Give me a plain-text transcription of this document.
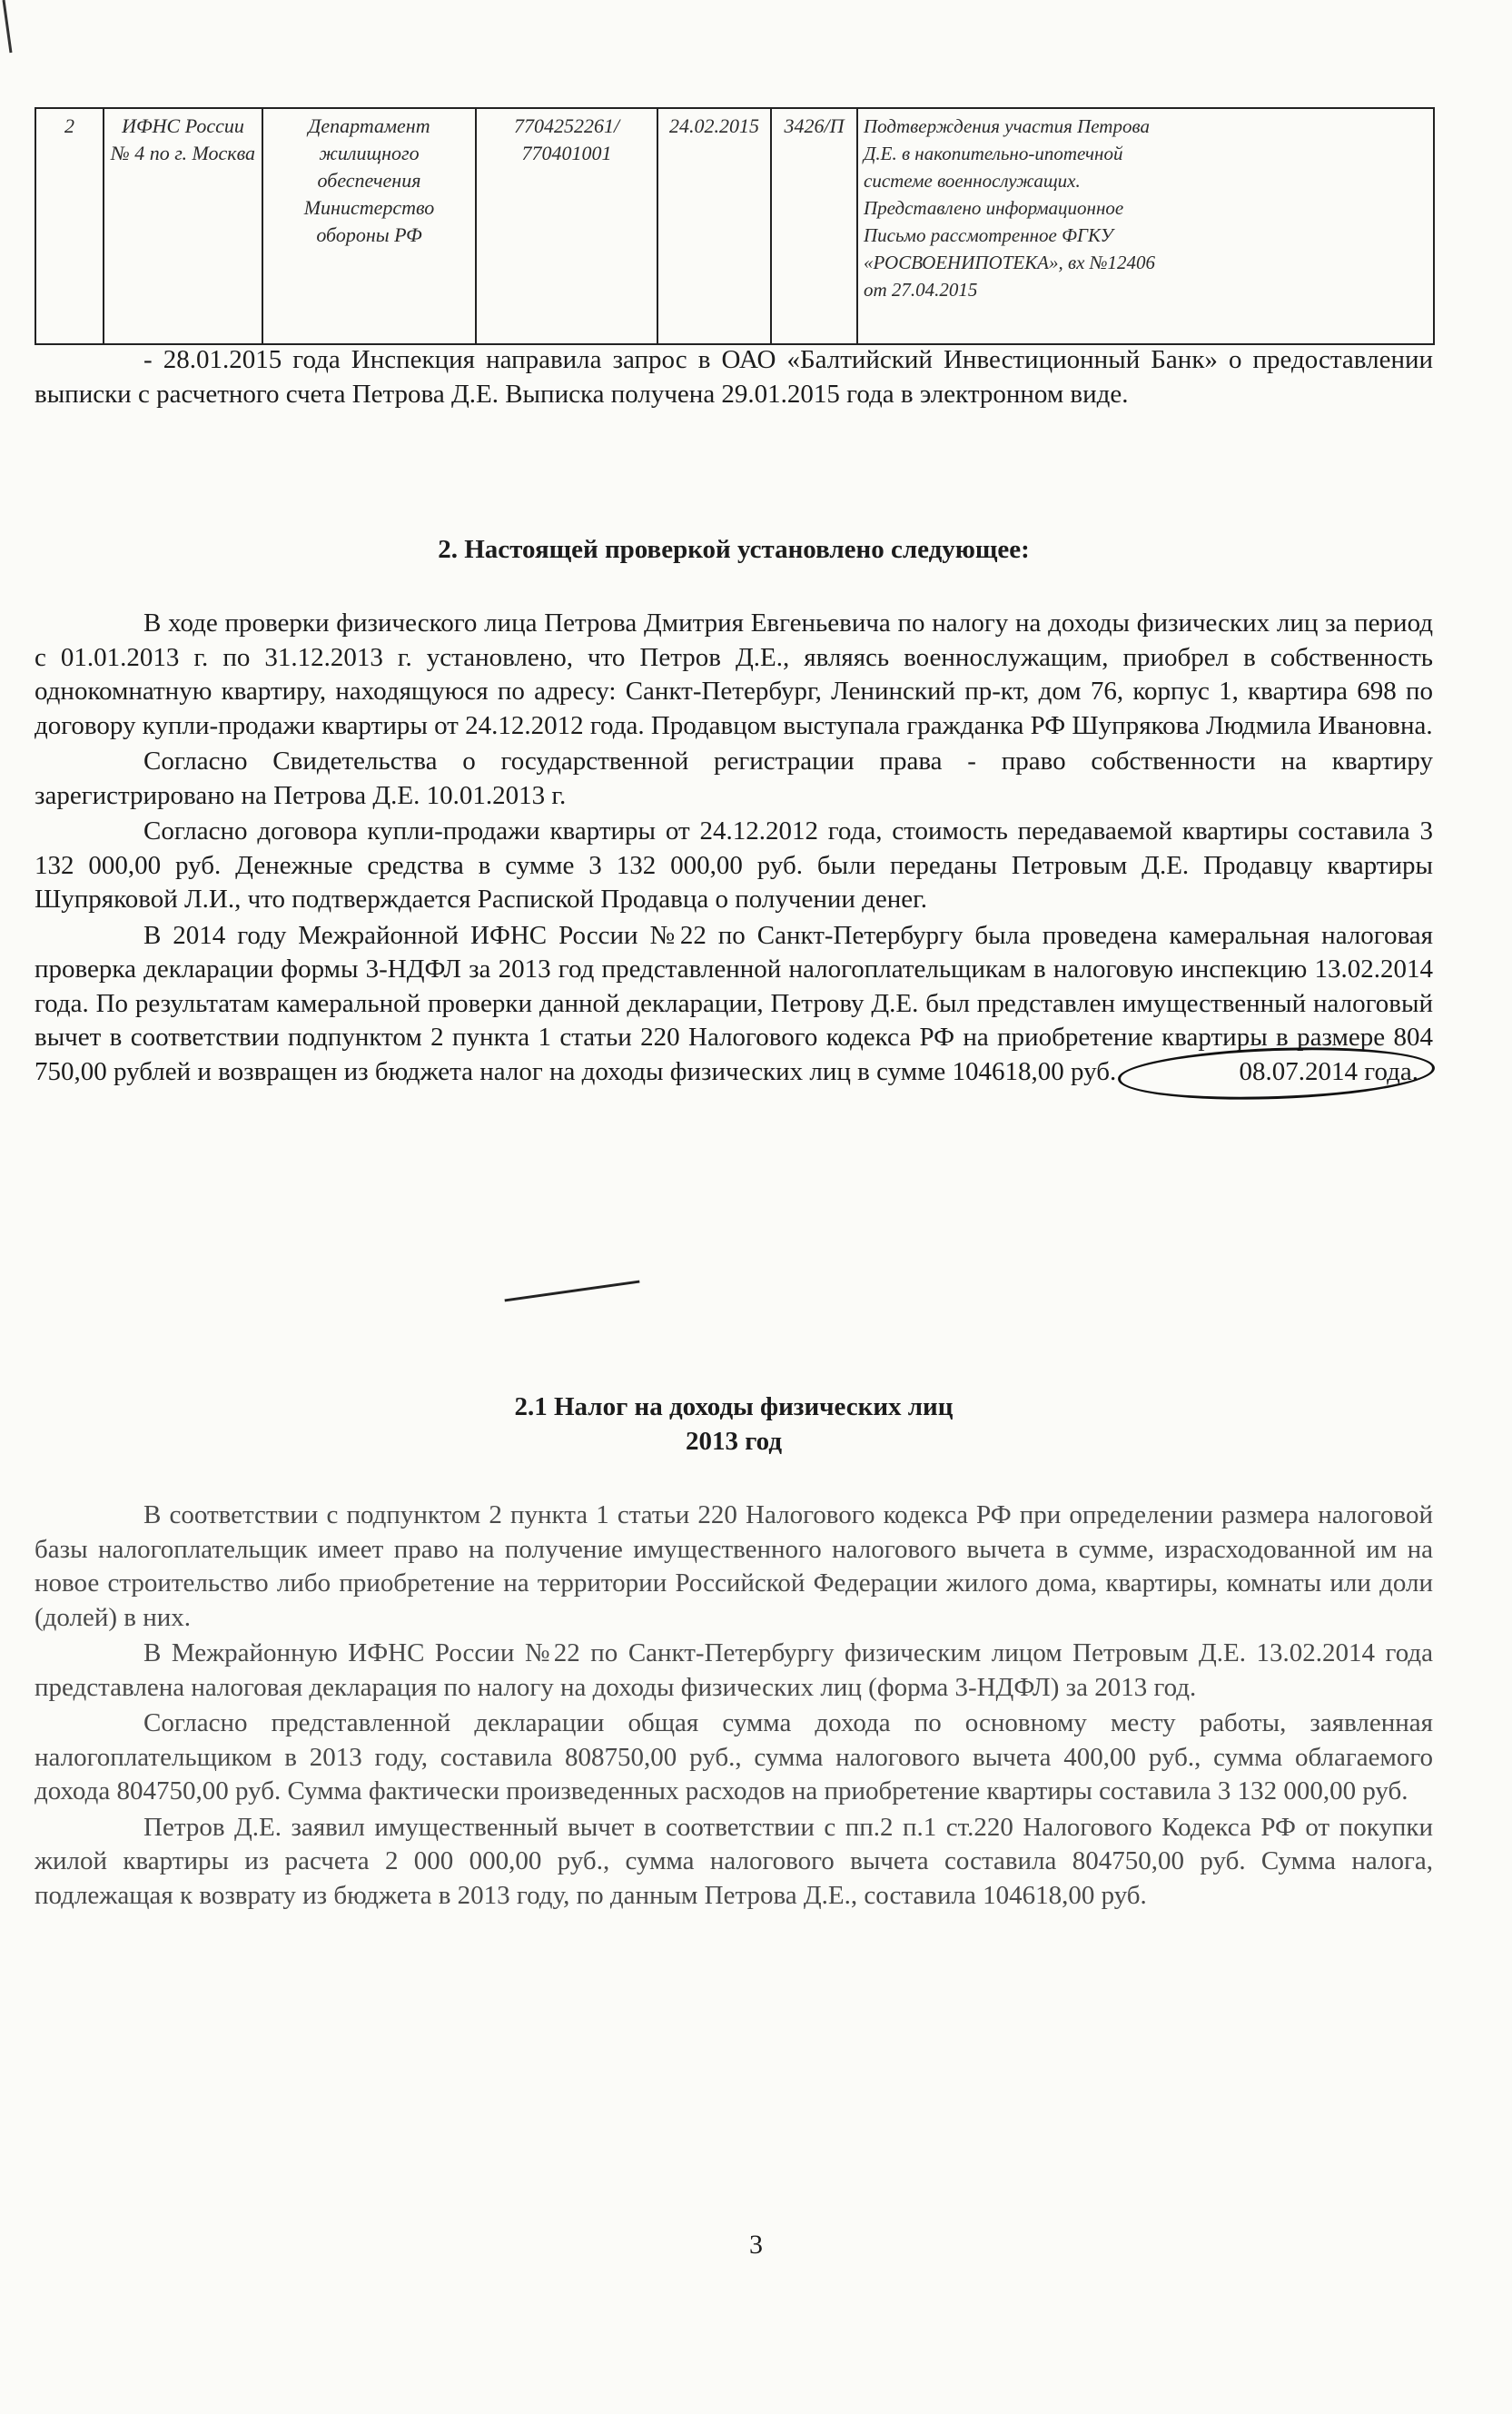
2	ИФНС России № 4 по г. Москва	Департамент жилищного обеспечения Министерство обороны РФ	7704252261/ 770401001	24.02.2015	3426/П	Подтверждения участия Петрова
Д.Е. в накопительно-ипотечной
системе военнослужащих.
Представлено информационное
Письмо рассмотренное ФГКУ
«РОСВОЕНИПОТЕКА», вх №12406
от 27.04.2015

- 28.01.2015 года Инспекция направила запрос в ОАО «Балтийский Инвестиционный Банк» о предоставлении выписки с расчетного счета Петрова Д.Е. Выписка получена 29.01.2015 года в электронном виде.

2. Настоящей проверкой установлено следующее:

В ходе проверки физического лица Петрова Дмитрия Евгеньевича по налогу на доходы физических лиц за период с 01.01.2013 г. по 31.12.2013 г. установлено, что Петров Д.Е., являясь военнослужащим, приобрел в собственность однокомнатную квартиру, находящуюся по адресу: Санкт-Петербург, Ленинский пр-кт, дом 76, корпус 1, квартира 698 по договору купли-продажи квартиры от 24.12.2012 года. Продавцом выступала гражданка РФ Шупрякова Людмила Ивановна.

Согласно Свидетельства о государственной регистрации права - право собственности на квартиру зарегистрировано на Петрова Д.Е. 10.01.2013 г.

Согласно договора купли-продажи квартиры от 24.12.2012 года, стоимость передаваемой квартиры составила 3 132 000,00 руб. Денежные средства в сумме 3 132 000,00 руб. были переданы Петровым Д.Е. Продавцу квартиры Шупряковой Л.И., что подтверждается Распиской Продавца о получении денег.

В 2014 году Межрайонной ИФНС России №22 по Санкт-Петербургу была проведена камеральная налоговая проверка декларации формы 3-НДФЛ за 2013 год представленной налогоплательщикам в налоговую инспекцию 13.02.2014 года. По результатам камеральной проверки данной декларации, Петрову Д.Е. был представлен имущественный налоговый вычет в соответствии подпунктом 2 пункта 1 статьи 220 Налогового кодекса РФ на приобретение квартиры в размере 804 750,00 рублей и возвращен из бюджета налог на доходы физических лиц в сумме 104618,00 руб.	08.07.2014 года.

2.1 Налог на доходы физических лиц
2013 год

В соответствии с подпунктом 2 пункта 1 статьи 220 Налогового кодекса РФ при определении размера налоговой базы налогоплательщик имеет право на получение имущественного налогового вычета в сумме, израсходованной им на новое строительство либо приобретение на территории Российской Федерации жилого дома, квартиры, комнаты или доли (долей) в них.

В Межрайонную ИФНС России №22 по Санкт-Петербургу физическим лицом Петровым Д.Е. 13.02.2014 года представлена налоговая декларация по налогу на доходы физических лиц (форма 3-НДФЛ) за 2013 год.

Согласно представленной декларации общая сумма дохода по основному месту работы, заявленная налогоплательщиком в 2013 году, составила 808750,00 руб., сумма налогового вычета 400,00 руб., сумма облагаемого дохода 804750,00 руб. Сумма фактически произведенных расходов на приобретение квартиры составила 3 132 000,00 руб.

Петров Д.Е. заявил имущественный вычет в соответствии с пп.2 п.1 ст.220 Налогового Кодекса РФ от покупки жилой квартиры из расчета 2 000 000,00 руб., сумма налогового вычета составила 804750,00 руб. Сумма налога, подлежащая к возврату из бюджета в 2013 году, по данным Петрова Д.Е., составила 104618,00 руб.

3
